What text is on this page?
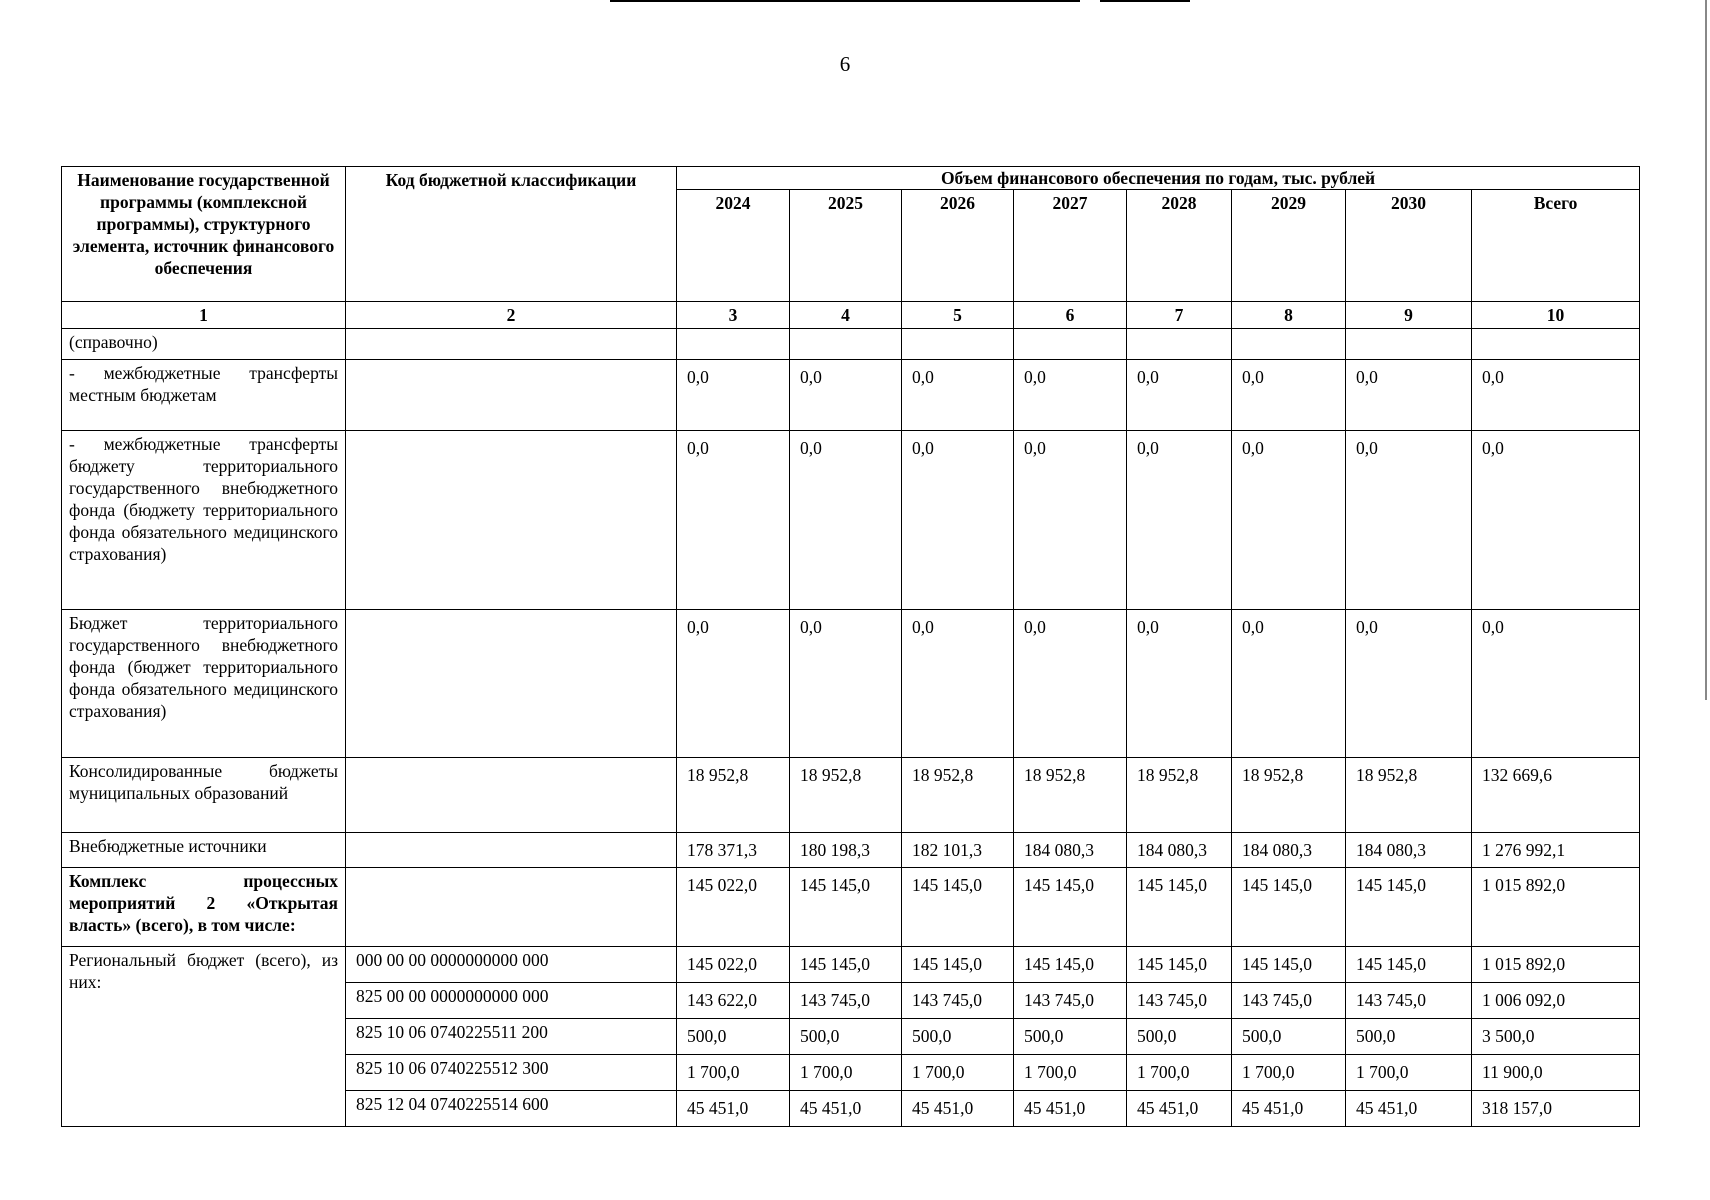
6
Наименование государственной программы (комплексной программы), структурного элемента, источник финансового обеспечения	Код бюджетной классификации	Объем финансового обеспечения по годам, тыс. рублей							
		2024	2025	2026	2027	2028	2029	2030	Всего
1	2	3	4	5	6	7	8	9	10
(справочно)									
- межбюджетные трансферты местным бюджетам		0,0	0,0	0,0	0,0	0,0	0,0	0,0	0,0
- межбюджетные трансферты бюджету территориального государственного внебюджетного фонда (бюджету территориального фонда обязательного медицинского страхования)		0,0	0,0	0,0	0,0	0,0	0,0	0,0	0,0
Бюджет территориального государственного внебюджетного фонда (бюджет территориального фонда обязательного медицинского страхования)		0,0	0,0	0,0	0,0	0,0	0,0	0,0	0,0
Консолидированные бюджеты муниципальных образований		18 952,8	18 952,8	18 952,8	18 952,8	18 952,8	18 952,8	18 952,8	132 669,6
Внебюджетные источники		178 371,3	180 198,3	182 101,3	184 080,3	184 080,3	184 080,3	184 080,3	1 276 992,1
Комплекс процессных мероприятий 2 «Открытая власть» (всего), в том числе:		145 022,0	145 145,0	145 145,0	145 145,0	145 145,0	145 145,0	145 145,0	1 015 892,0
Региональный бюджет (всего), из них:	000 00 00 0000000000 000	145 022,0	145 145,0	145 145,0	145 145,0	145 145,0	145 145,0	145 145,0	1 015 892,0
	825 00 00 0000000000 000	143 622,0	143 745,0	143 745,0	143 745,0	143 745,0	143 745,0	143 745,0	1 006 092,0
	825 10 06 0740225511 200	500,0	500,0	500,0	500,0	500,0	500,0	500,0	3 500,0
	825 10 06 0740225512 300	1 700,0	1 700,0	1 700,0	1 700,0	1 700,0	1 700,0	1 700,0	11 900,0
	825 12 04 0740225514 600	45 451,0	45 451,0	45 451,0	45 451,0	45 451,0	45 451,0	45 451,0	318 157,0
